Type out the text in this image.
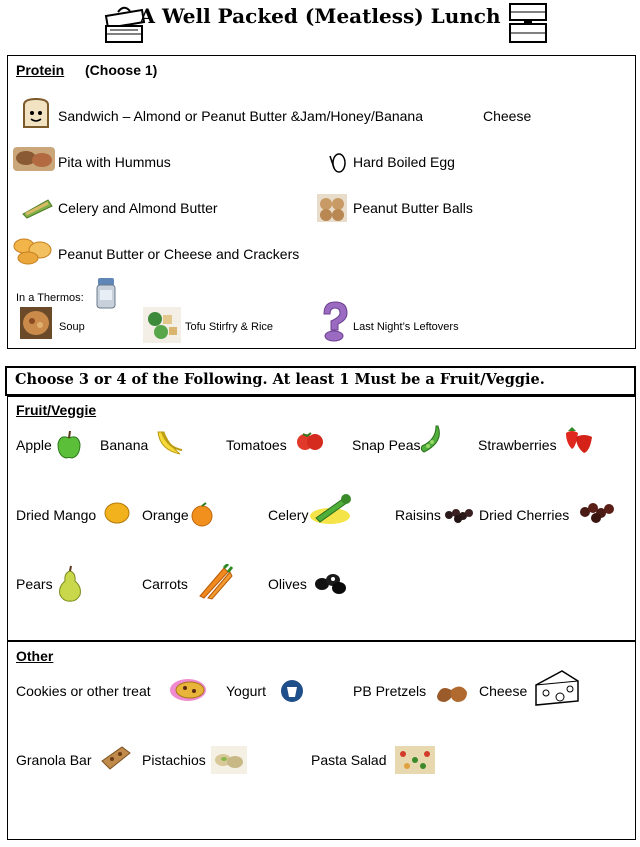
A Well Packed (Meatless) Lunch
Protein (Choose 1)
Sandwich – Almond or Peanut Butter &Jam/Honey/Banana	Cheese
Pita with Hummus	Hard Boiled Egg
Celery and Almond Butter	Peanut Butter Balls
Peanut Butter or Cheese and Crackers
In a Thermos:
Soup	Tofu Stirfry & Rice	Last Night’s Leftovers
Choose 3 or 4 of the Following. At least 1 Must be a Fruit/Veggie.
Fruit/Veggie
Apple	Banana	Tomatoes	Snap Peas	Strawberries
Dried Mango	Orange	Celery	Raisins	Dried Cherries
Pears	Carrots	Olives
Other
Cookies or other treat	Yogurt	PB Pretzels	Cheese
Granola Bar	Pistachios	Pasta Salad
